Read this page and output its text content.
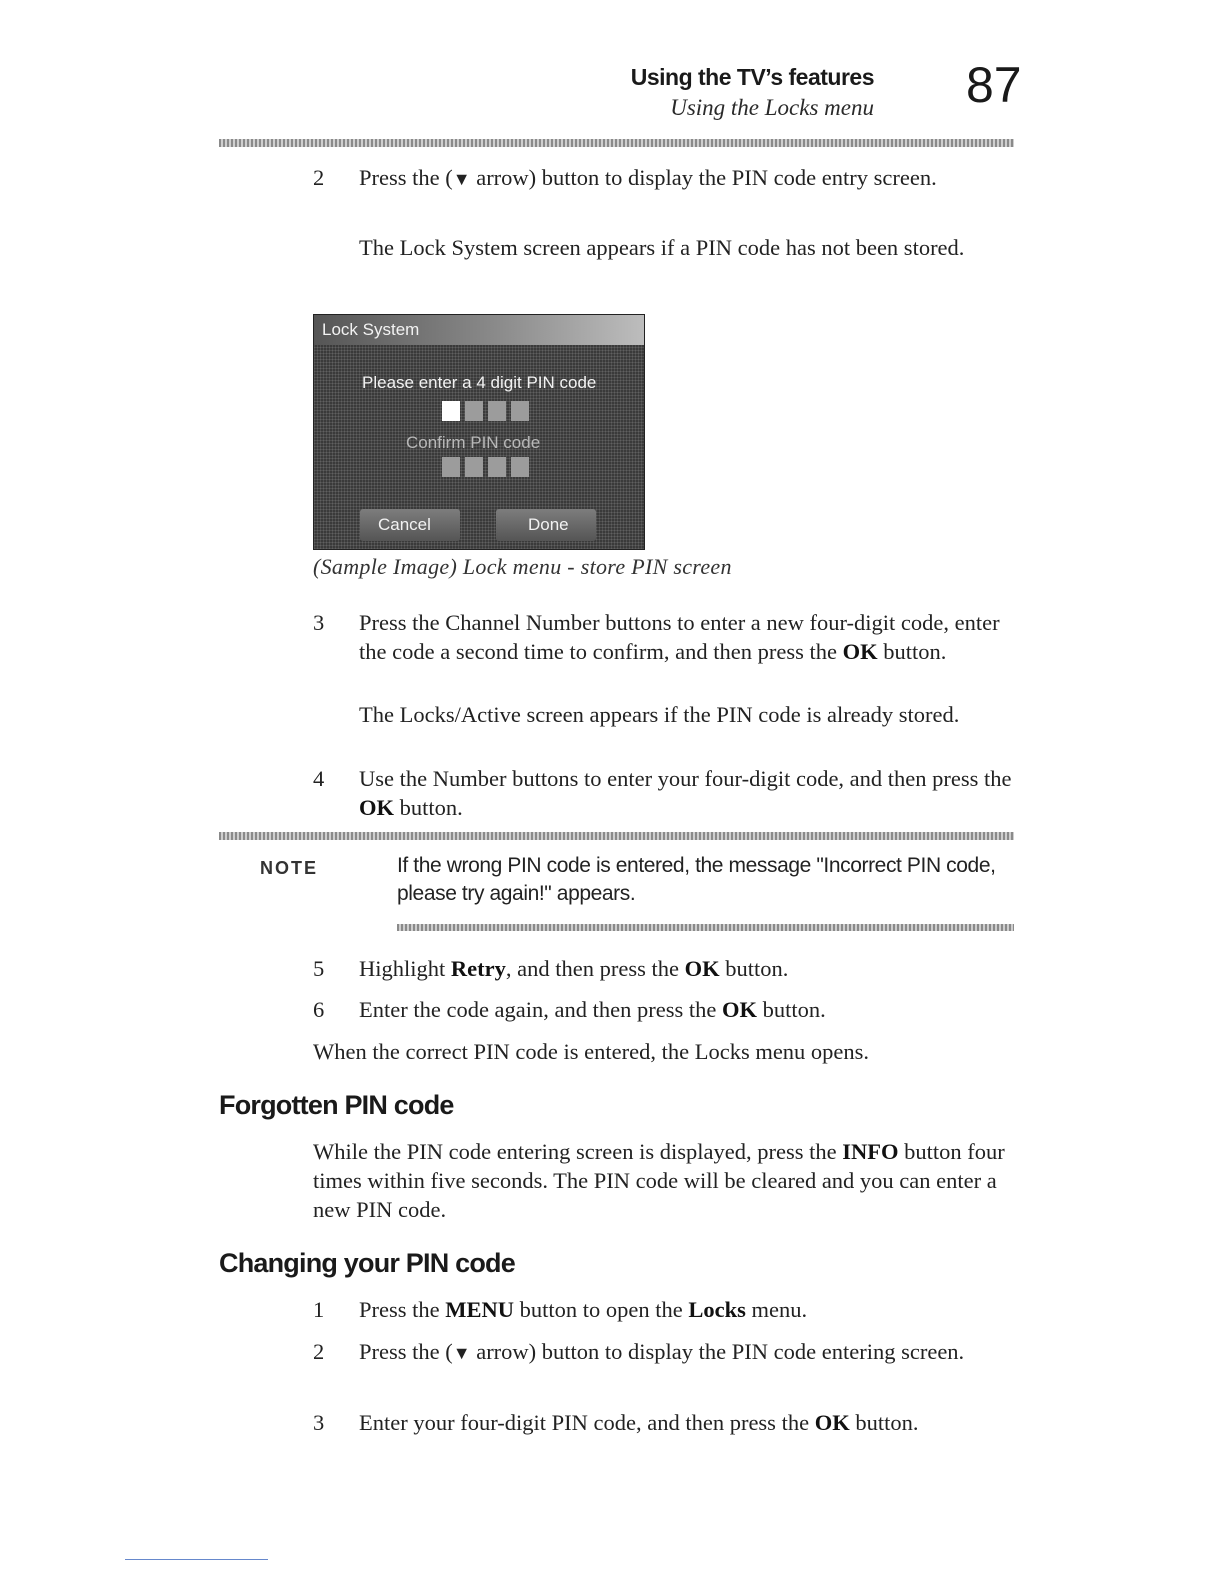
Using the TV’s features
Using the Locks menu 87
2	Press the (▼ arrow) button to display the PIN code entry screen.
The Lock System screen appears if a PIN code has not been stored.
Lock System
Please enter a 4 digit PIN code
Confirm PIN code
Cancel	Done
(Sample Image) Lock menu - store PIN screen
3	Press the Channel Number buttons to enter a new four-digit code, enter the code a second time to confirm, and then press the OK button.
The Locks/Active screen appears if the PIN code is already stored.
4	Use the Number buttons to enter your four-digit code, and then press the OK button.
NOTE	If the wrong PIN code is entered, the message "Incorrect PIN code, please try again!" appears.
5	Highlight Retry, and then press the OK button.
6	Enter the code again, and then press the OK button.
When the correct PIN code is entered, the Locks menu opens.
Forgotten PIN code
While the PIN code entering screen is displayed, press the INFO button four times within five seconds. The PIN code will be cleared and you can enter a new PIN code.
Changing your PIN code
1	Press the MENU button to open the Locks menu.
2	Press the (▼ arrow) button to display the PIN code entering screen.
3	Enter your four-digit PIN code, and then press the OK button.
